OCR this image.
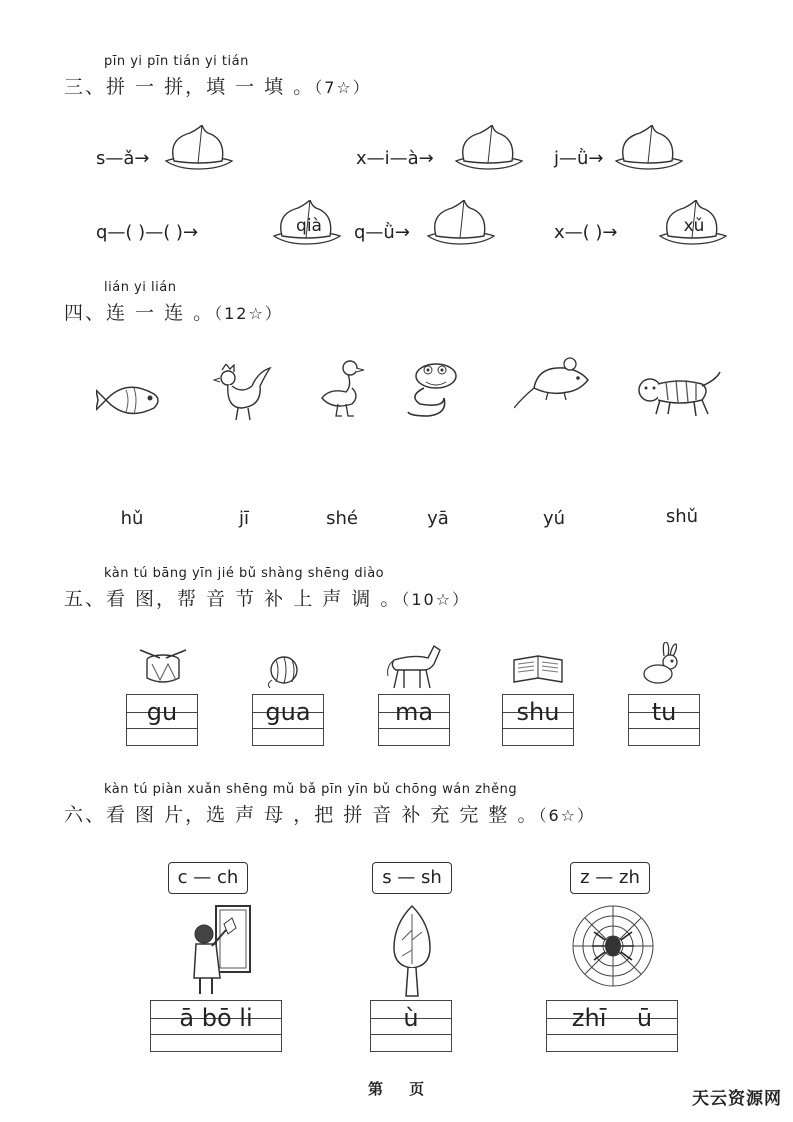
pīn yi pīn tián yi tián
三、拼 一 拼，填 一 填 。（7☆）
s—ǎ→	x—i—à→	j—ǜ→
q—( )—( )→	qià	q—ǜ→	x—( )→	xǔ
lián yi lián
四、连 一 连 。（12☆）
hǔ	jī	shé	yā	yú	shǔ
kàn tú bāng yīn jié bǔ shàng shēng diào
五、看 图，帮 音 节 补 上 声 调 。（10☆）
gu	gua	ma	shu	tu
kàn tú piàn xuǎn shēng mǔ bǎ pīn yīn bǔ chōng wán zhěng
六、看 图 片，选 声 母 ，把 拼 音 补 充 完 整 。（6☆）
c — ch	s — sh	z — zh
ā bō li	ù	zhī    ū
第     页	天云资源网
